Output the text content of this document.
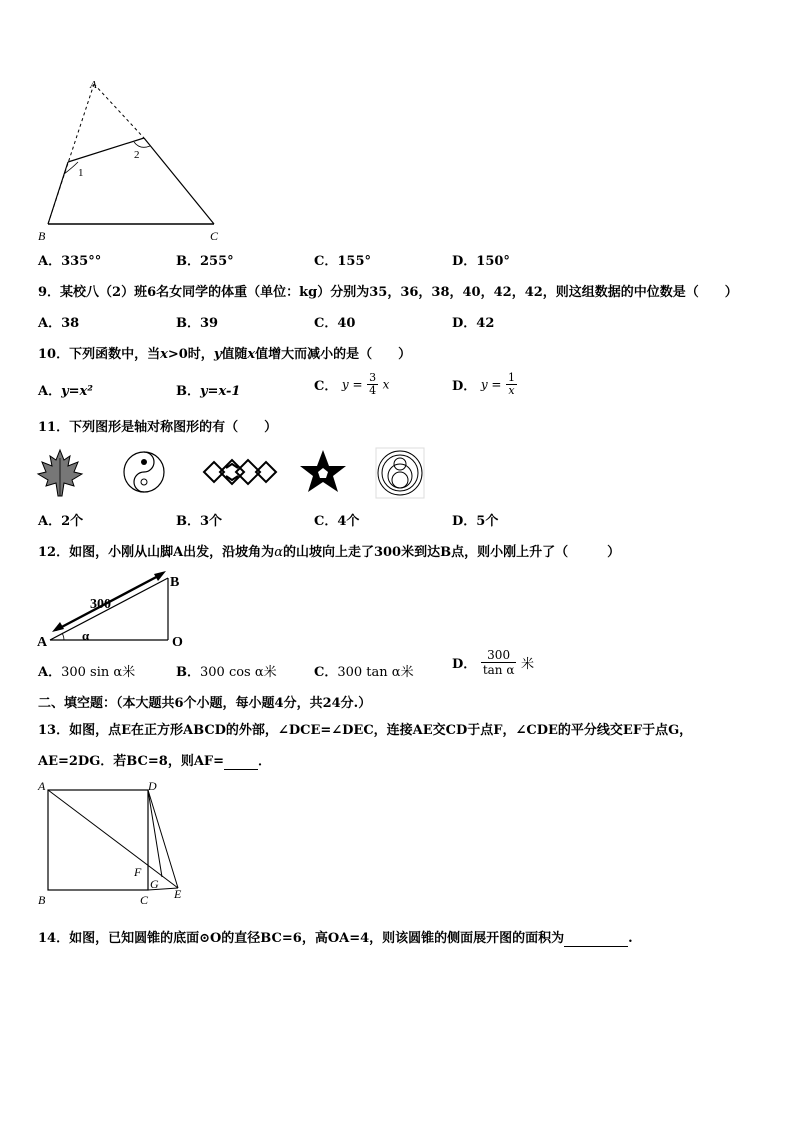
A
B	C
1
2
A．335°°	B．255°	C．155°	D．150°
9．某校八（2）班6名女同学的体重（单位：kg）分别为35，36，38，40，42，42，则这组数据的中位数是（　　）
A．38	B．39	C．40	D．42
10．下列函数中，当x>0时，y值随x值增大而减小的是（　　）
A．y=x²	B．y=x-1	C． $y = \frac{3}{4}$ x	D． $y = \frac{1}{x}$
11．下列图形是轴对称图形的有（　　）
A．2个	B．3个	C．4个	D．5个
12．如图，小刚从山脚A出发，沿坡角为α的山坡向上走了300米到达B点，则小刚上升了（　　　）
B
A	O
300
α
A．300 sin α米	B．300 cos α米	C．300 tan α米
D． $\frac{300}{\text{tan α}}$ 米
二、填空题：（本大题共6个小题，每小题4分，共24分.）
13．如图，点E在正方形ABCD的外部，∠DCE=∠DEC，连接AE交CD于点F，∠CDE的平分线交EF于点G，
AE=2DG．若BC=8，则AF=	．
A	D
B	C
F
G
E
14．如图，已知圆锥的底面⊙O的直径BC=6，高OA=4，则该圆锥的侧面展开图的面积为	.
